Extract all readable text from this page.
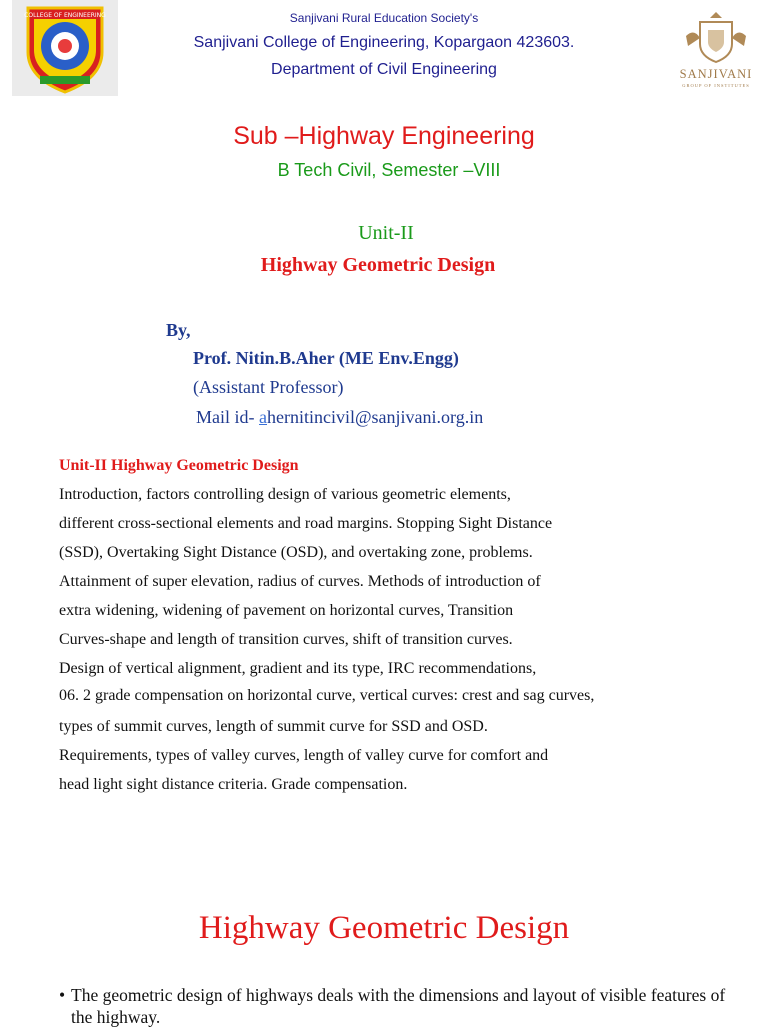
COLLEGE OF ENGINEERING
SANJIVANI
GROUP OF INSTITUTES
Sanjivani Rural Education Society's
Sanjivani College of Engineering, Kopargaon 423603.
Department of Civil Engineering
Sub –Highway Engineering
B Tech Civil, Semester –VIII
Unit-II
Highway Geometric Design
By,
Prof. Nitin.B.Aher (ME Env.Engg)
(Assistant Professor)
Mail id- ahernitincivil@sanjivani.org.in
Unit-II Highway Geometric Design
Introduction, factors controlling design of various geometric elements,
different cross-sectional elements and road margins. Stopping Sight Distance
(SSD), Overtaking Sight Distance (OSD), and overtaking zone, problems.
Attainment of super elevation, radius of curves. Methods of introduction of
extra widening, widening of pavement on horizontal curves, Transition
Curves-shape and length of transition curves, shift of transition curves.
Design of vertical alignment, gradient and its type, IRC recommendations,
06. 2 grade compensation on horizontal curve, vertical curves: crest and sag curves,
types of summit curves, length of summit curve for SSD and OSD.
Requirements, types of valley curves, length of valley curve for comfort and
head light sight distance criteria. Grade compensation.
Highway Geometric Design
• The geometric design of highways deals with the dimensions and layout of visible features of the highway.
